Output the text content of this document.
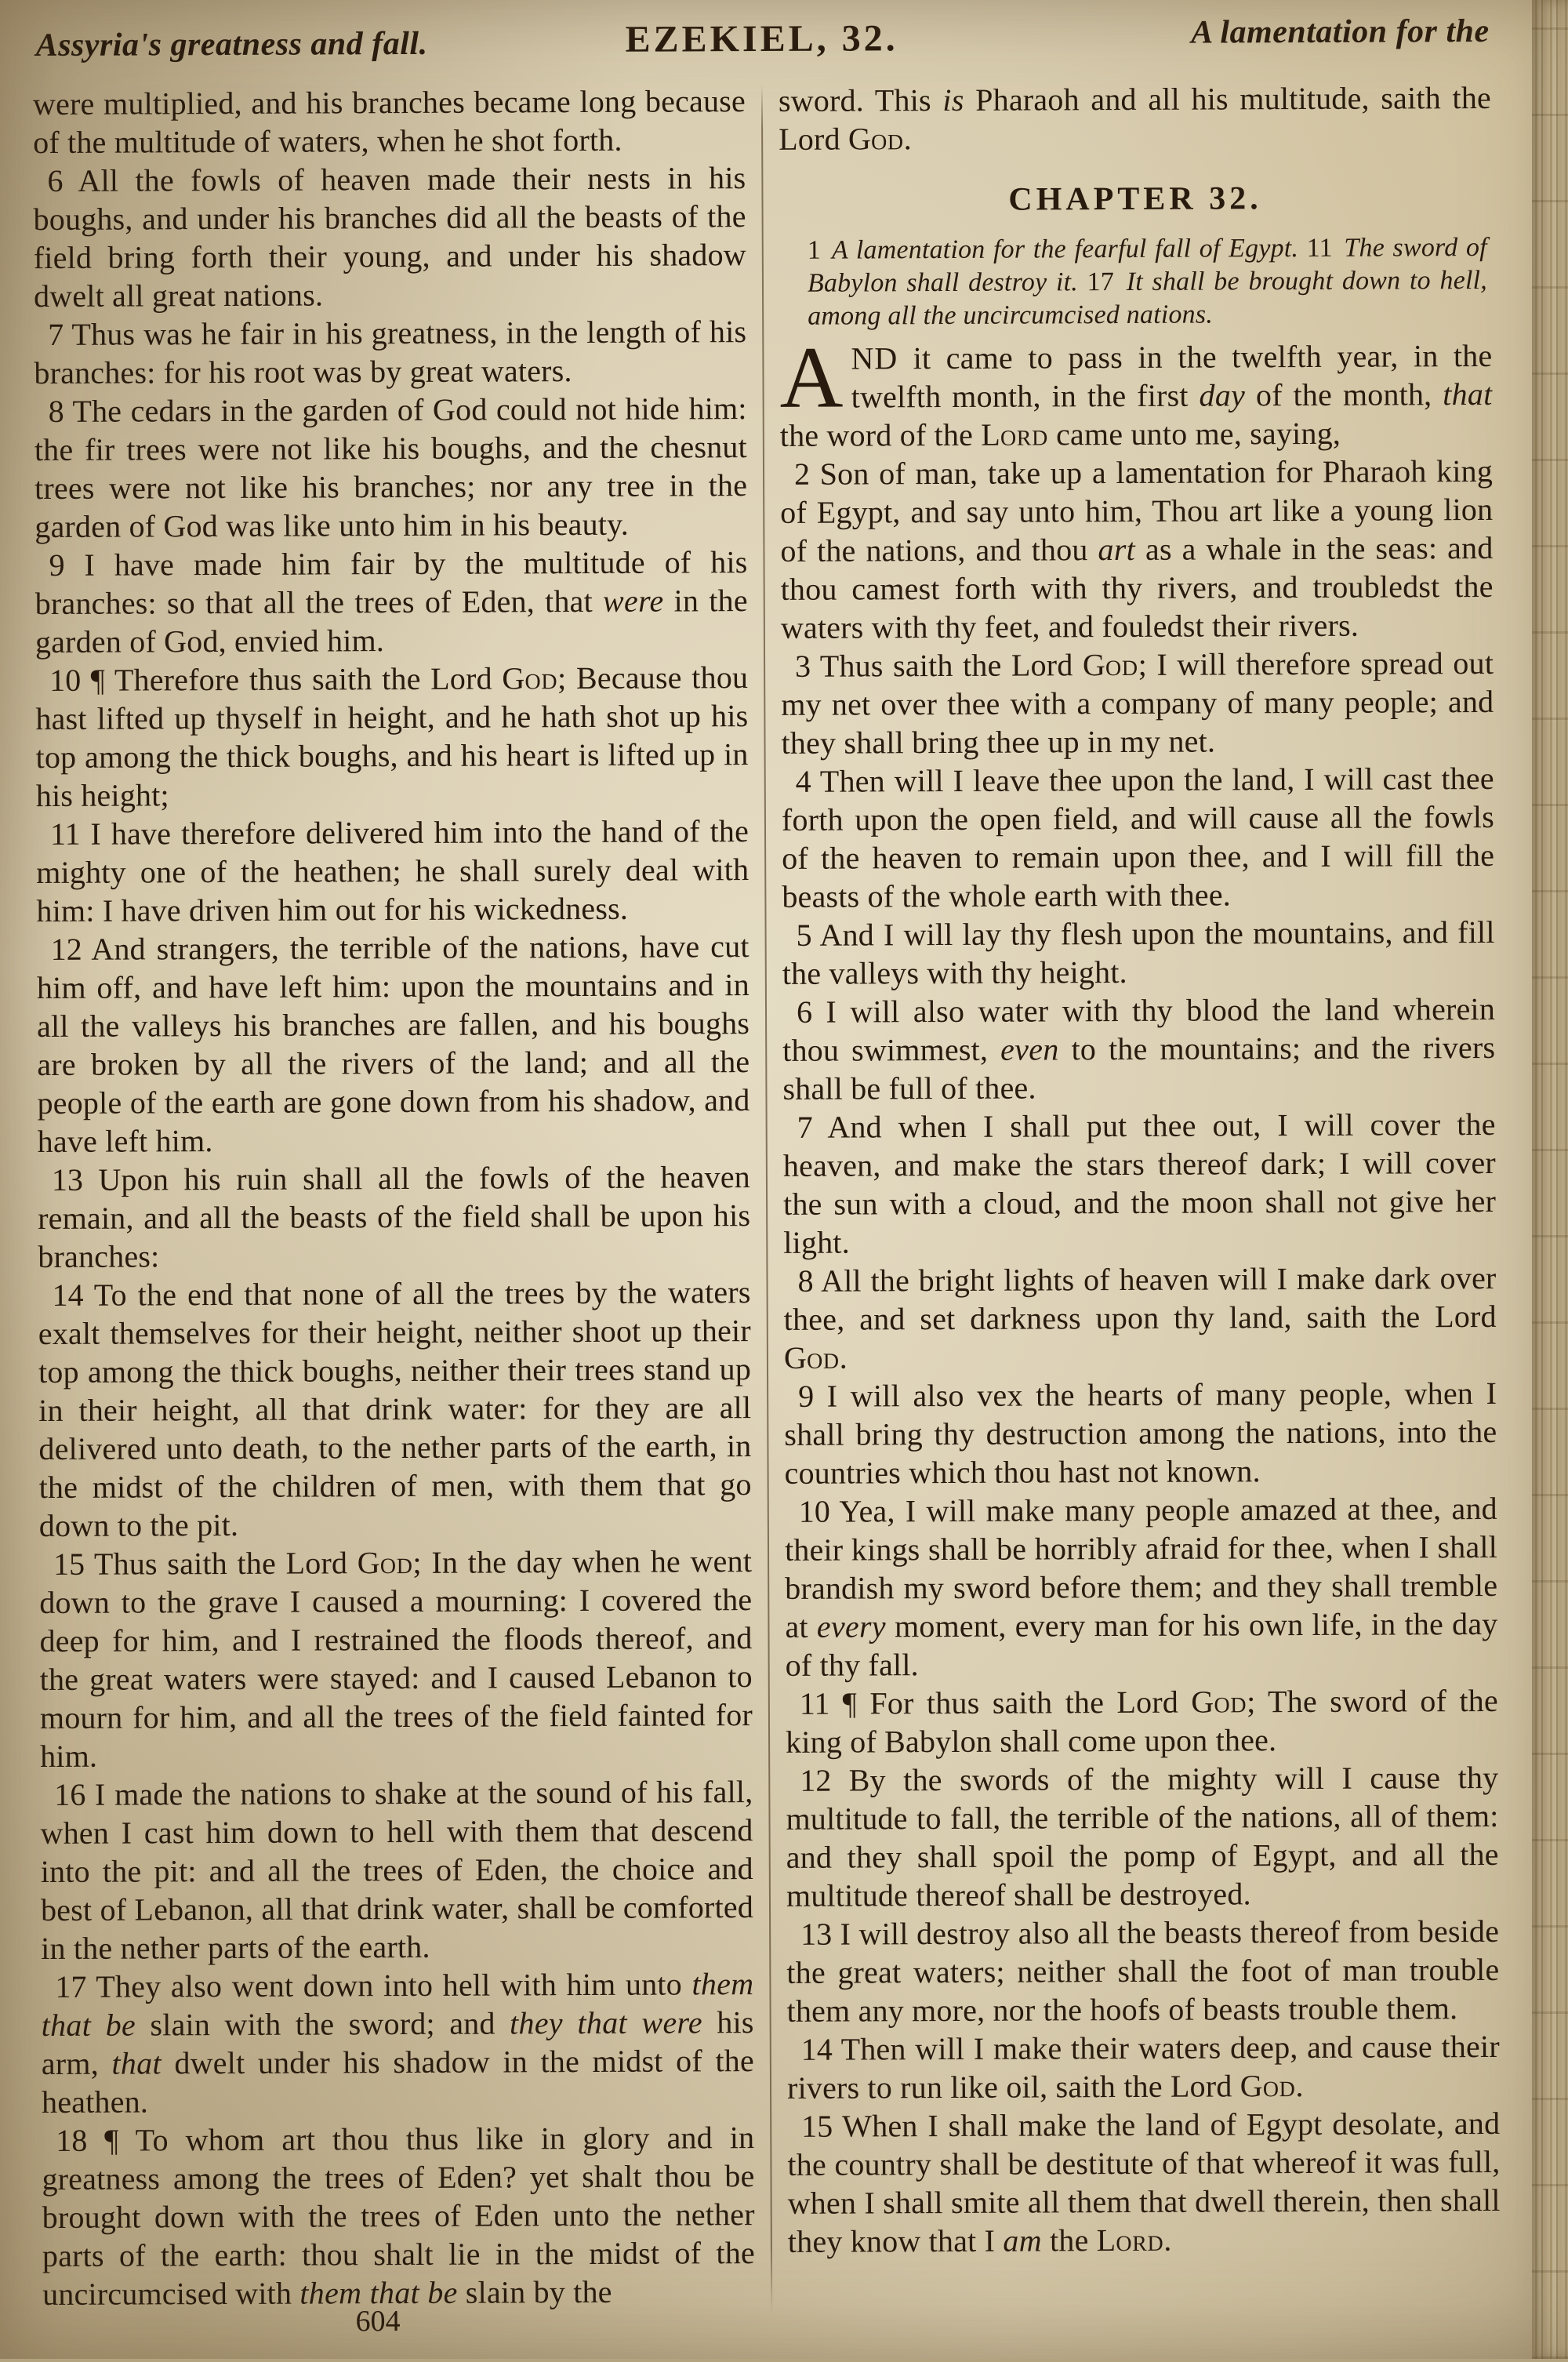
Assyria's greatness and fall.	EZEKIEL, 32.	A lamentation for the

were multiplied, and his branches became long because of the multitude of waters, when he shot forth.

6 All the fowls of heaven made their nests in his boughs, and under his branches did all the beasts of the field bring forth their young, and under his shadow dwelt all great nations.

7 Thus was he fair in his greatness, in the length of his branches: for his root was by great waters.

8 The cedars in the garden of God could not hide him: the fir trees were not like his boughs, and the chesnut trees were not like his branches; nor any tree in the garden of God was like unto him in his beauty.

9 I have made him fair by the multitude of his branches: so that all the trees of Eden, that were in the garden of God, envied him.

10 ¶ Therefore thus saith the Lord God; Because thou hast lifted up thyself in height, and he hath shot up his top among the thick boughs, and his heart is lifted up in his height;

11 I have therefore delivered him into the hand of the mighty one of the heathen; he shall surely deal with him: I have driven him out for his wickedness.

12 And strangers, the terrible of the nations, have cut him off, and have left him: upon the mountains and in all the valleys his branches are fallen, and his boughs are broken by all the rivers of the land; and all the people of the earth are gone down from his shadow, and have left him.

13 Upon his ruin shall all the fowls of the heaven remain, and all the beasts of the field shall be upon his branches:

14 To the end that none of all the trees by the waters exalt themselves for their height, neither shoot up their top among the thick boughs, neither their trees stand up in their height, all that drink water: for they are all delivered unto death, to the nether parts of the earth, in the midst of the children of men, with them that go down to the pit.

15 Thus saith the Lord God; In the day when he went down to the grave I caused a mourning: I covered the deep for him, and I restrained the floods thereof, and the great waters were stayed: and I caused Lebanon to mourn for him, and all the trees of the field fainted for him.

16 I made the nations to shake at the sound of his fall, when I cast him down to hell with them that descend into the pit: and all the trees of Eden, the choice and best of Lebanon, all that drink water, shall be comforted in the nether parts of the earth.

17 They also went down into hell with him unto them that be slain with the sword; and they that were his arm, that dwelt under his shadow in the midst of the heathen.

18 ¶ To whom art thou thus like in glory and in greatness among the trees of Eden? yet shalt thou be brought down with the trees of Eden unto the nether parts of the earth: thou shalt lie in the midst of the uncircumcised with them that be slain by the

sword. This is Pharaoh and all his multitude, saith the Lord God.

CHAPTER 32.

1 A lamentation for the fearful fall of Egypt. 11 The sword of Babylon shall destroy it. 17 It shall be brought down to hell, among all the uncircumcised nations.

AND it came to pass in the twelfth year, in the twelfth month, in the first day of the month, that the word of the Lord came unto me, saying,

2 Son of man, take up a lamentation for Pharaoh king of Egypt, and say unto him, Thou art like a young lion of the nations, and thou art as a whale in the seas: and thou camest forth with thy rivers, and troubledst the waters with thy feet, and fouledst their rivers.

3 Thus saith the Lord God; I will therefore spread out my net over thee with a company of many people; and they shall bring thee up in my net.

4 Then will I leave thee upon the land, I will cast thee forth upon the open field, and will cause all the fowls of the heaven to remain upon thee, and I will fill the beasts of the whole earth with thee.

5 And I will lay thy flesh upon the mountains, and fill the valleys with thy height.

6 I will also water with thy blood the land wherein thou swimmest, even to the mountains; and the rivers shall be full of thee.

7 And when I shall put thee out, I will cover the heaven, and make the stars thereof dark; I will cover the sun with a cloud, and the moon shall not give her light.

8 All the bright lights of heaven will I make dark over thee, and set darkness upon thy land, saith the Lord God.

9 I will also vex the hearts of many people, when I shall bring thy destruction among the nations, into the countries which thou hast not known.

10 Yea, I will make many people amazed at thee, and their kings shall be horribly afraid for thee, when I shall brandish my sword before them; and they shall tremble at every moment, every man for his own life, in the day of thy fall.

11 ¶ For thus saith the Lord God; The sword of the king of Babylon shall come upon thee.

12 By the swords of the mighty will I cause thy multitude to fall, the terrible of the nations, all of them: and they shall spoil the pomp of Egypt, and all the multitude thereof shall be destroyed.

13 I will destroy also all the beasts thereof from beside the great waters; neither shall the foot of man trouble them any more, nor the hoofs of beasts trouble them.

14 Then will I make their waters deep, and cause their rivers to run like oil, saith the Lord God.

15 When I shall make the land of Egypt desolate, and the country shall be destitute of that whereof it was full, when I shall smite all them that dwell therein, then shall they know that I am the Lord.

604
